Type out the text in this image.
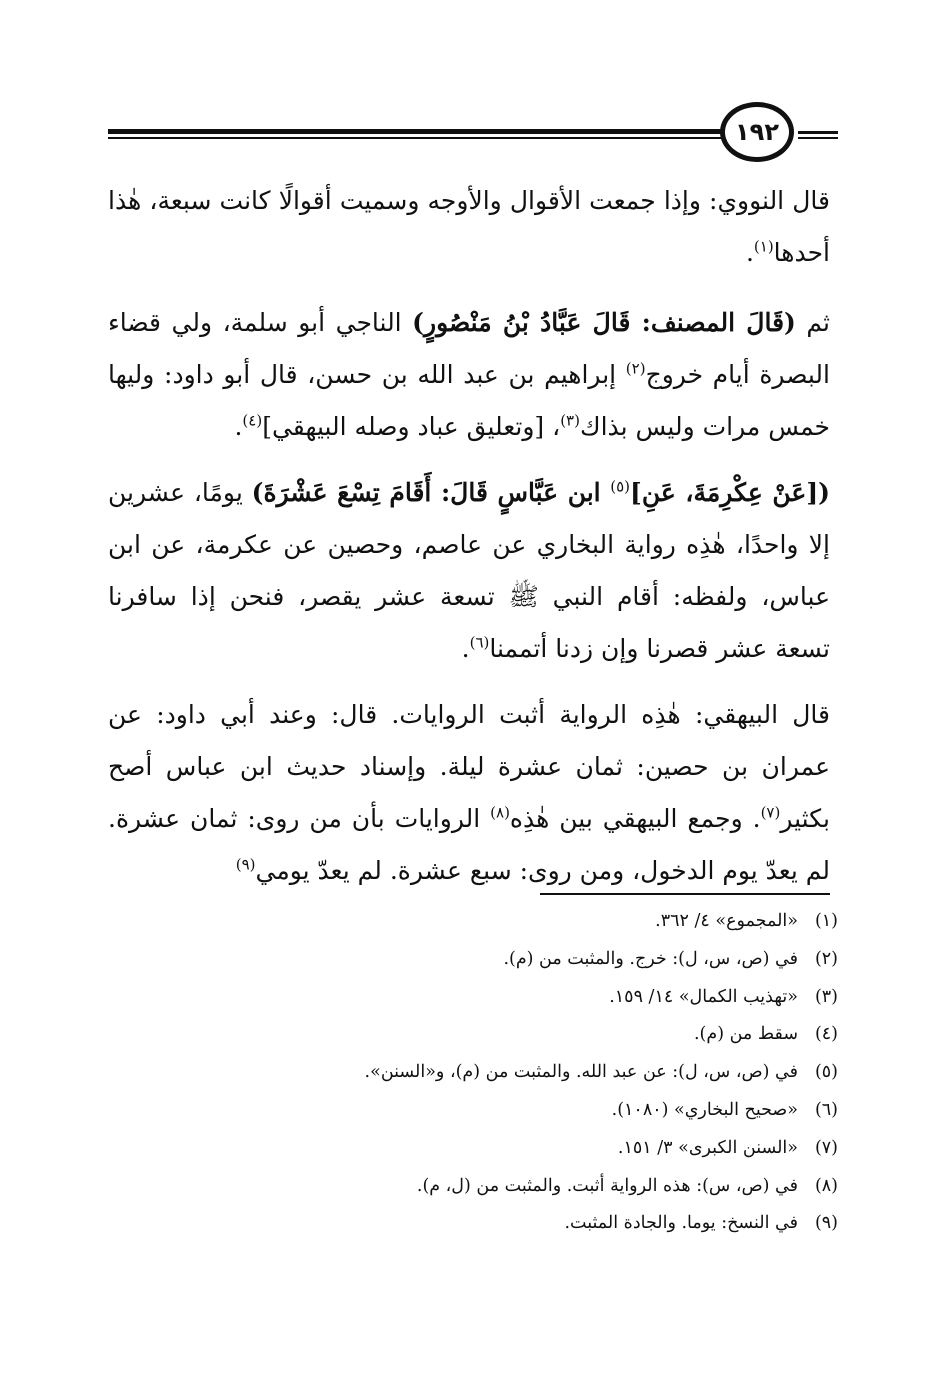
١٩٢

قال النووي: وإذا جمعت الأقوال والأوجه وسميت أقوالًا كانت سبعة، هٰذا أحدها$^{(١)}$.

ثم (قَالَ المصنف: قَالَ عَبَّادُ بْنُ مَنْصُورٍ) الناجي أبو سلمة، ولي قضاء البصرة أيام خروج$^{(٢)}$ إبراهيم بن عبد الله بن حسن، قال أبو داود: وليها خمس مرات وليس بذاك$^{(٣)}$، [وتعليق عباد وصله البيهقي]$^{(٤)}$.

([عَنْ عِكْرِمَةَ، عَنِ]$^{(٥)}$ ابن عَبَّاسٍ قَالَ: أَقَامَ تِسْعَ عَشْرَةَ) يومًا، عشرين إلا واحدًا، هٰذِه رواية البخاري عن عاصم، وحصين عن عكرمة، عن ابن عباس، ولفظه: أقام النبي ﷺ تسعة عشر يقصر، فنحن إذا سافرنا تسعة عشر قصرنا وإن زدنا أتممنا$^{(٦)}$.

قال البيهقي: هٰذِه الرواية أثبت الروايات. قال: وعند أبي داود: عن عمران بن حصين: ثمان عشرة ليلة. وإسناد حديث ابن عباس أصح بكثير$^{(٧)}$. وجمع البيهقي بين هٰذِه$^{(٨)}$ الروايات بأن من روى: ثمان عشرة. لم يعدّ يوم الدخول، ومن روى: سبع عشرة. لم يعدّ يومي$^{(٩)}$

(١)
«المجموع» ٤/ ٣٦٢.
(٢)
في (ص، س، ل): خرج. والمثبت من (م).
(٣)
«تهذيب الكمال» ١٤/ ١٥٩.
(٤)
سقط من (م).
(٥)
في (ص، س، ل): عن عبد الله. والمثبت من (م)، و«السنن».
(٦)
«صحيح البخاري» (١٠٨٠).
(٧)
«السنن الكبرى» ٣/ ١٥١.
(٨)
في (ص، س): هذه الرواية أثبت. والمثبت من (ل، م).
(٩)
في النسخ: يوما. والجادة المثبت.
